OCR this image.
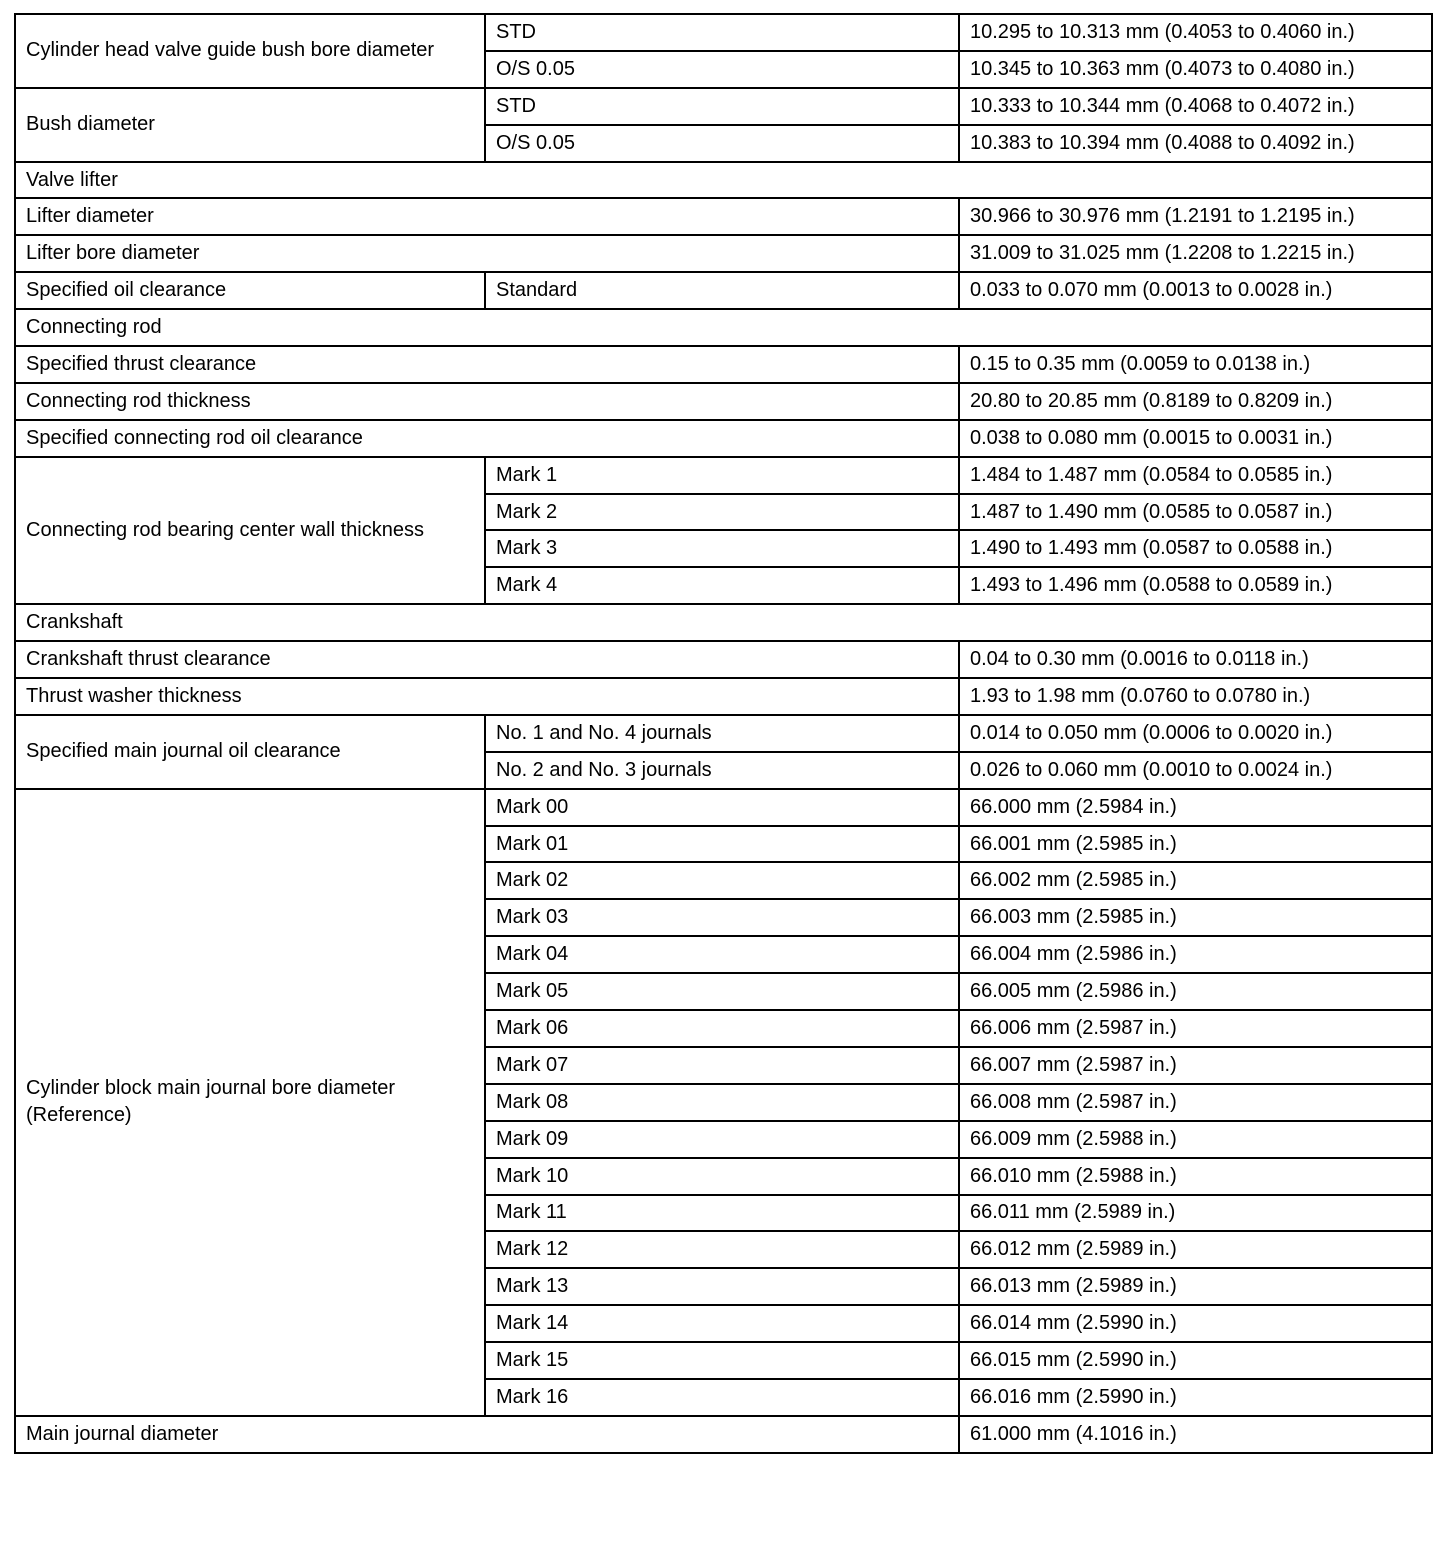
Cylinder head valve guide bush bore diameter	STD	10.295 to 10.313 mm (0.4053 to 0.4060 in.)
	O/S 0.05	10.345 to 10.363 mm (0.4073 to 0.4080 in.)
Bush diameter	STD	10.333 to 10.344 mm (0.4068 to 0.4072 in.)
	O/S 0.05	10.383 to 10.394 mm (0.4088 to 0.4092 in.)
Valve lifter		
Lifter diameter		30.966 to 30.976 mm (1.2191 to 1.2195 in.)
Lifter bore diameter		31.009 to 31.025 mm (1.2208 to 1.2215 in.)
Specified oil clearance	Standard	0.033 to 0.070 mm (0.0013 to 0.0028 in.)
Connecting rod		
Specified thrust clearance		0.15 to 0.35 mm (0.0059 to 0.0138 in.)
Connecting rod thickness		20.80 to 20.85 mm (0.8189 to 0.8209 in.)
Specified connecting rod oil clearance		0.038 to 0.080 mm (0.0015 to 0.0031 in.)
Connecting rod bearing center wall thickness	Mark 1	1.484 to 1.487 mm (0.0584 to 0.0585 in.)
	Mark 2	1.487 to 1.490 mm (0.0585 to 0.0587 in.)
	Mark 3	1.490 to 1.493 mm (0.0587 to 0.0588 in.)
	Mark 4	1.493 to 1.496 mm (0.0588 to 0.0589 in.)
Crankshaft		
Crankshaft thrust clearance		0.04 to 0.30 mm (0.0016 to 0.0118 in.)
Thrust washer thickness		1.93 to 1.98 mm (0.0760 to 0.0780 in.)
Specified main journal oil clearance	No. 1 and No. 4 journals	0.014 to 0.050 mm (0.0006 to 0.0020 in.)
	No. 2 and No. 3 journals	0.026 to 0.060 mm (0.0010 to 0.0024 in.)
Cylinder block main journal bore diameter (Reference)	Mark 00	66.000 mm (2.5984 in.)
	Mark 01	66.001 mm (2.5985 in.)
	Mark 02	66.002 mm (2.5985 in.)
	Mark 03	66.003 mm (2.5985 in.)
	Mark 04	66.004 mm (2.5986 in.)
	Mark 05	66.005 mm (2.5986 in.)
	Mark 06	66.006 mm (2.5987 in.)
	Mark 07	66.007 mm (2.5987 in.)
	Mark 08	66.008 mm (2.5987 in.)
	Mark 09	66.009 mm (2.5988 in.)
	Mark 10	66.010 mm (2.5988 in.)
	Mark 11	66.011 mm (2.5989 in.)
	Mark 12	66.012 mm (2.5989 in.)
	Mark 13	66.013 mm (2.5989 in.)
	Mark 14	66.014 mm (2.5990 in.)
	Mark 15	66.015 mm (2.5990 in.)
	Mark 16	66.016 mm (2.5990 in.)
Main journal diameter		61.000 mm (4.1016 in.)
